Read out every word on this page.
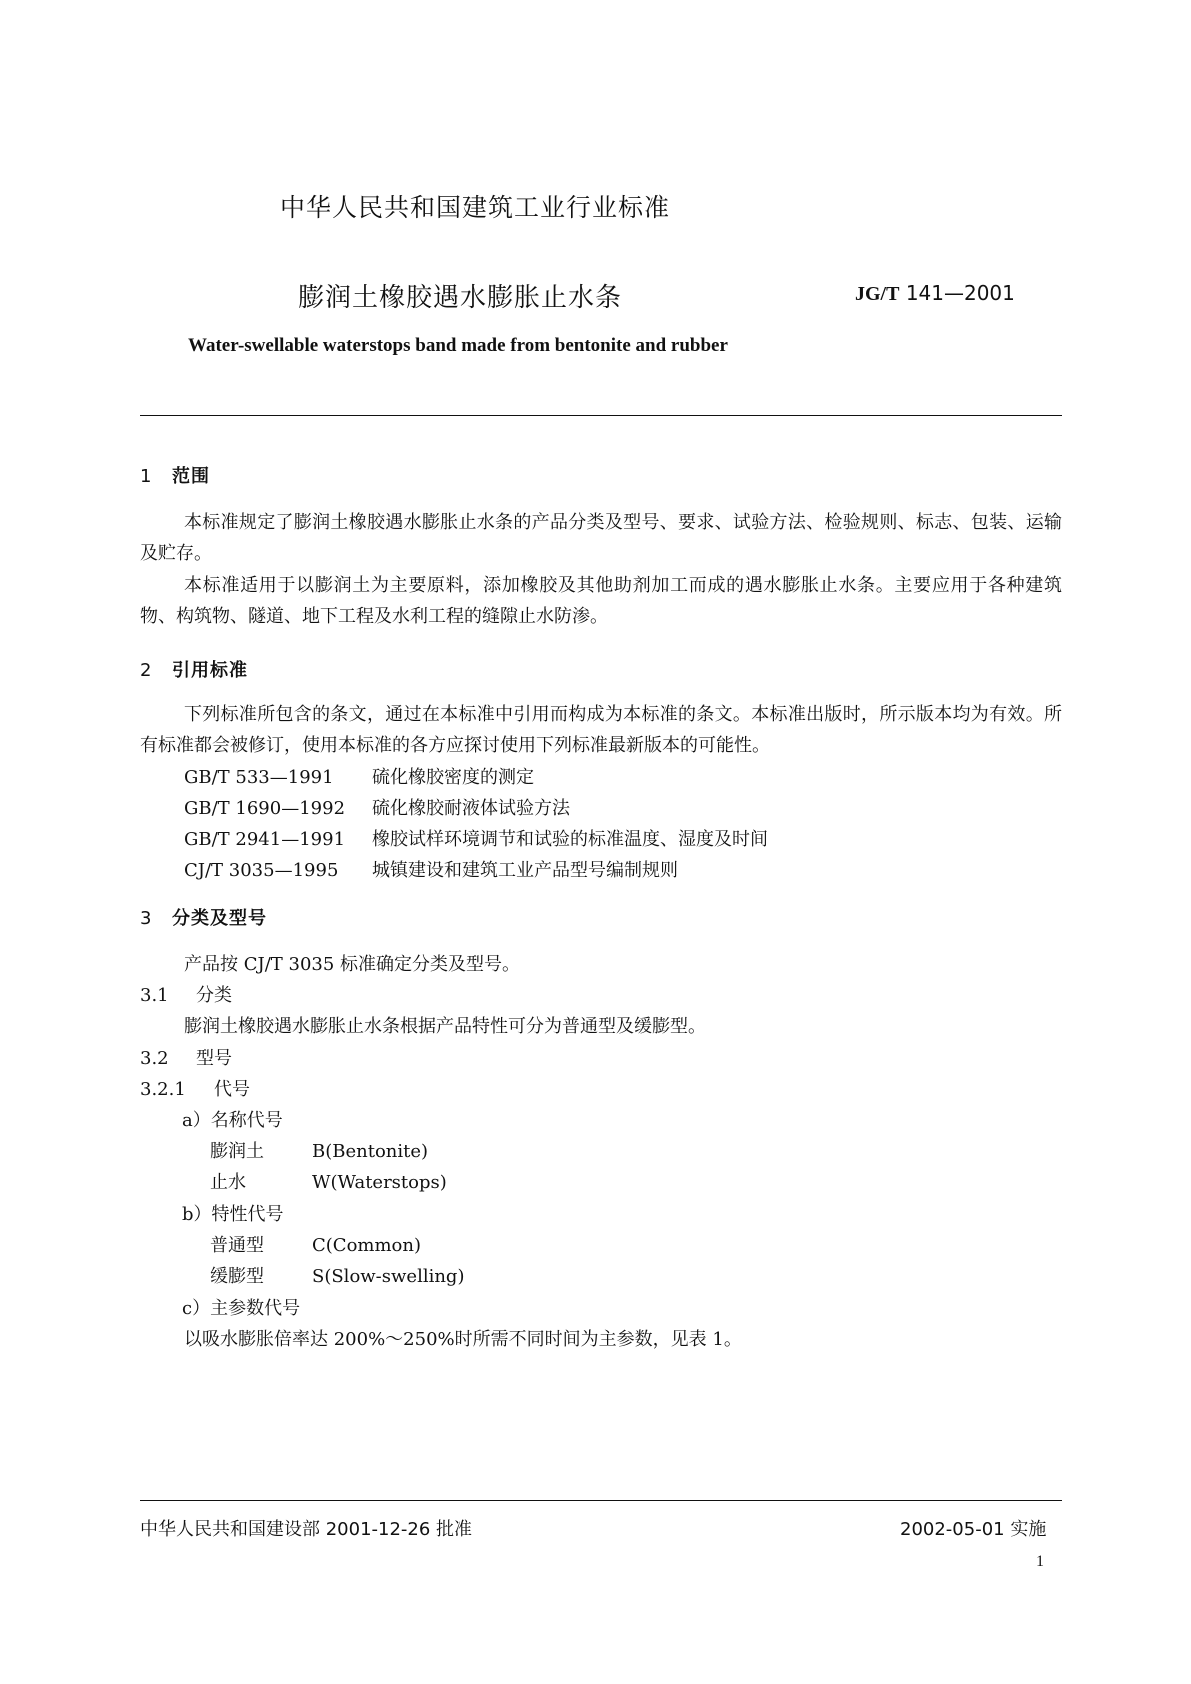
中华人民共和国建筑工业行业标准
膨润土橡胶遇水膨胀止水条	JG/T 141—2001
Water-swellable waterstops band made from bentonite and rubber
1 范围
本标准规定了膨润土橡胶遇水膨胀止水条的产品分类及型号、要求、试验方法、检验规则、标志、包装、运输及贮存。
本标准适用于以膨润土为主要原料，添加橡胶及其他助剂加工而成的遇水膨胀止水条。主要应用于各种建筑物、构筑物、隧道、地下工程及水利工程的缝隙止水防渗。
2 引用标准
下列标准所包含的条文，通过在本标准中引用而构成为本标准的条文。本标准出版时，所示版本均为有效。所有标准都会被修订，使用本标准的各方应探讨使用下列标准最新版本的可能性。
GB/T 533—1991 硫化橡胶密度的测定
GB/T 1690—1992 硫化橡胶耐液体试验方法
GB/T 2941—1991 橡胶试样环境调节和试验的标准温度、湿度及时间
CJ/T 3035—1995 城镇建设和建筑工业产品型号编制规则
3 分类及型号
产品按 CJ/T 3035 标准确定分类及型号。
3.1 分类
膨润土橡胶遇水膨胀止水条根据产品特性可分为普通型及缓膨型。
3.2 型号
3.2.1 代号
a）名称代号
膨润土	B(Bentonite)
止水	W(Waterstops)
b）特性代号
普通型	C(Common)
缓膨型	S(Slow-swelling)
c）主参数代号
以吸水膨胀倍率达 200%～250%时所需不同时间为主参数，见表 1。
中华人民共和国建设部 2001-12-26 批准	2002-05-01 实施
1
